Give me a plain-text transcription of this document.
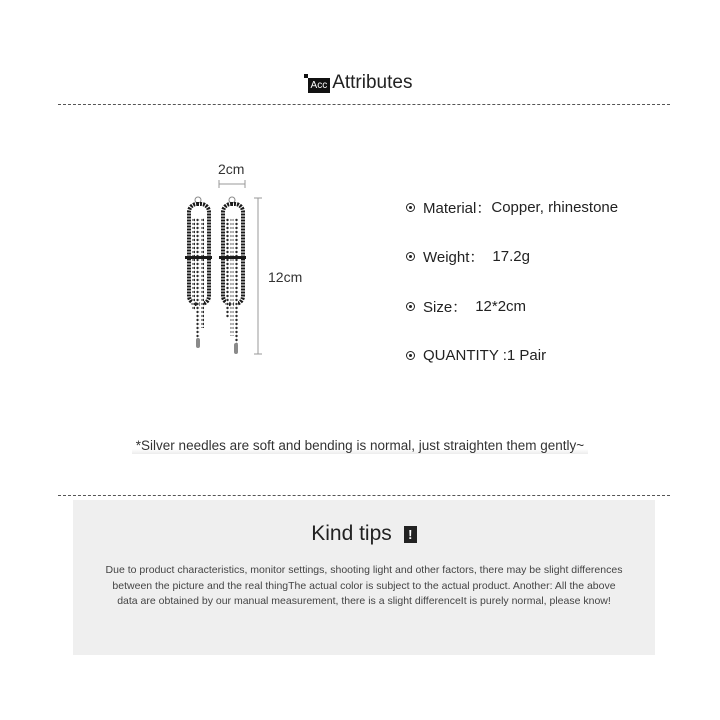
Acc Attributes
2cm
12cm
Material： Copper, rhinestone
Weight： 17.2g
Size： 12*2cm
QUANTITY : 1 Pair
*Silver needles are soft and bending is normal, just straighten them gently~
Kind tips	!
Due to product characteristics, monitor settings, shooting light and other factors, there may be slight differences between the picture and the real thingThe actual color is subject to the actual product. Another: All the above data are obtained by our manual measurement, there is a slight differenceIt is purely normal, please know!
